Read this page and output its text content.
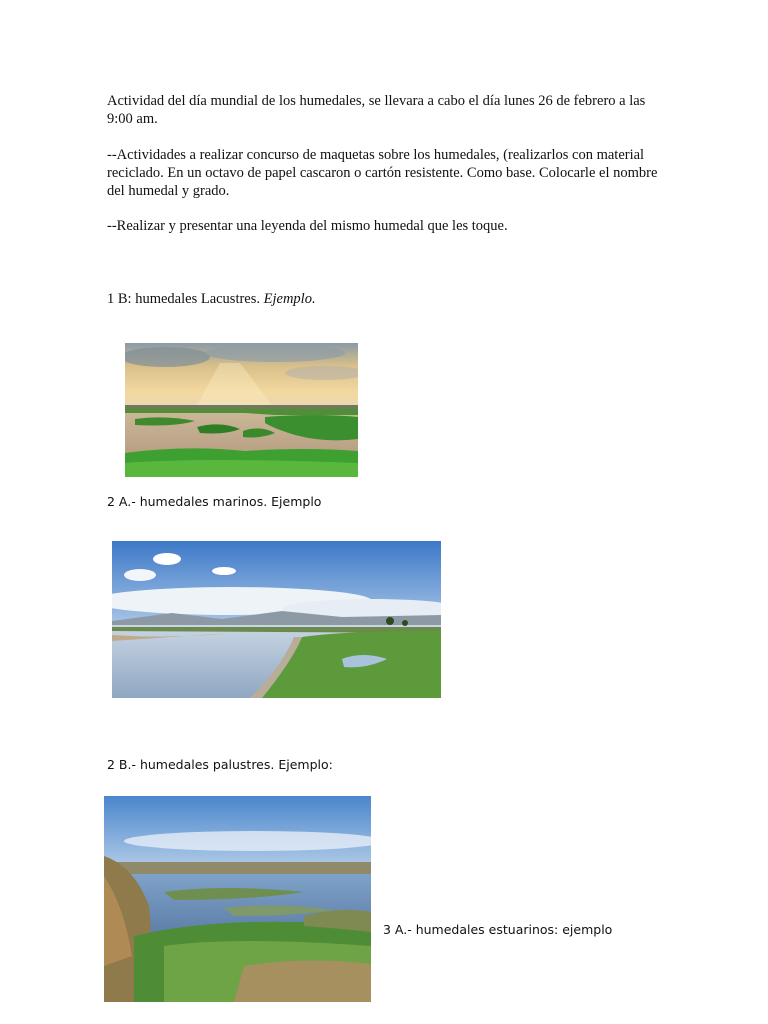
Actividad del día mundial de los humedales, se llevara a cabo el día lunes 26 de febrero a las 9:00 am.

--Actividades a realizar concurso de maquetas sobre los humedales, (realizarlos con material reciclado. En un octavo de papel cascaron o cartón resistente. Como base. Colocarle el nombre del humedal y grado.

--Realizar y presentar una leyenda del mismo humedal que les toque.

1 B: humedales Lacustres. Ejemplo.

2 A.- humedales marinos. Ejemplo

2 B.- humedales palustres. Ejemplo:

3 A.- humedales estuarinos: ejemplo
